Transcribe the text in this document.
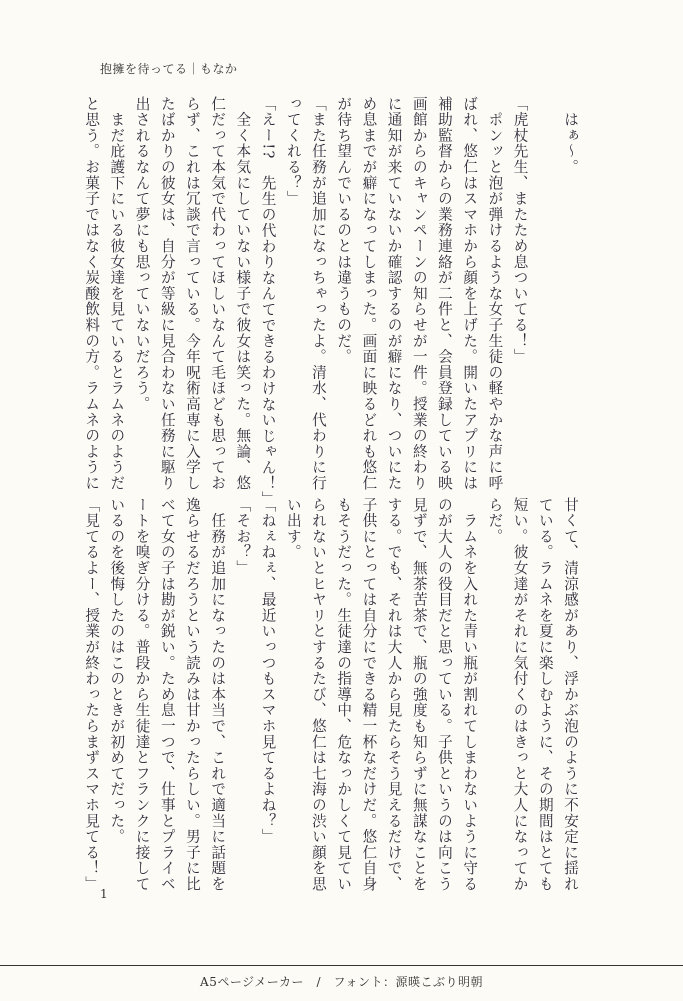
抱擁を待ってる｜もなか
　はぁ〜。

「虎杖先生、またため息ついてる！」
　ポンッと泡が弾けるような女子生徒の軽やかな声に呼
ばれ、悠仁はスマホから顔を上げた。開いたアプリには
補助監督からの業務連絡が二件と、会員登録している映
画館からのキャンペーンの知らせが一件。授業の終わり
に通知が来ていないか確認するのが癖になり、ついにた
め息までが癖になってしまった。画面に映るどれも悠仁
が待ち望んでいるのとは違うものだ。
「また任務が追加になっちゃったよ。清水、代わりに行
ってくれる？」
「えー!?　先生の代わりなんてできるわけないじゃん！」
　全く本気にしていない様子で彼女は笑った。無論、悠
仁だって本気で代わってほしいなんて毛ほども思ってお
らず、これは冗談で言っている。今年呪術高専に入学し
たばかりの彼女は、自分が等級に見合わない任務に駆り
出されるなんて夢にも思っていないだろう。
　まだ庇護下にいる彼女達を見ているとラムネのようだ
と思う。お菓子ではなく炭酸飲料の方。ラムネのように
甘くて、清涼感があり、浮かぶ泡のように不安定に揺れ
ている。ラムネを夏に楽しむように、その期間はとても
短い。彼女達がそれに気付くのはきっと大人になってか
らだ。
　ラムネを入れた青い瓶が割れてしまわないように守る
のが大人の役目だと思っている。子供というのは向こう
見ずで、無茶苦茶で、瓶の強度も知らずに無謀なことを
する。でも、それは大人から見たらそう見えるだけで、
子供にとっては自分にできる精一杯なだけだ。悠仁自身
もそうだった。生徒達の指導中、危なっかしくて見てい
られないとヒヤリとするたび、悠仁は七海の渋い顔を思
い出す。
「ねぇねぇ、最近いっつもスマホ見てるよね？」
「そお？」
　任務が追加になったのは本当で、これで適当に話題を
逸らせるだろうという読みは甘かったらしい。男子に比
べて女の子は勘が鋭い。ため息一つで、仕事とプライベ
ートを嗅ぎ分ける。普段から生徒達とフランクに接して
いるのを後悔したのはこのときが初めてだった。
「見てるよー、授業が終わったらまずスマホ見てる！」
1
A5ページメーカー　/　フォント：源暎こぶり明朝
